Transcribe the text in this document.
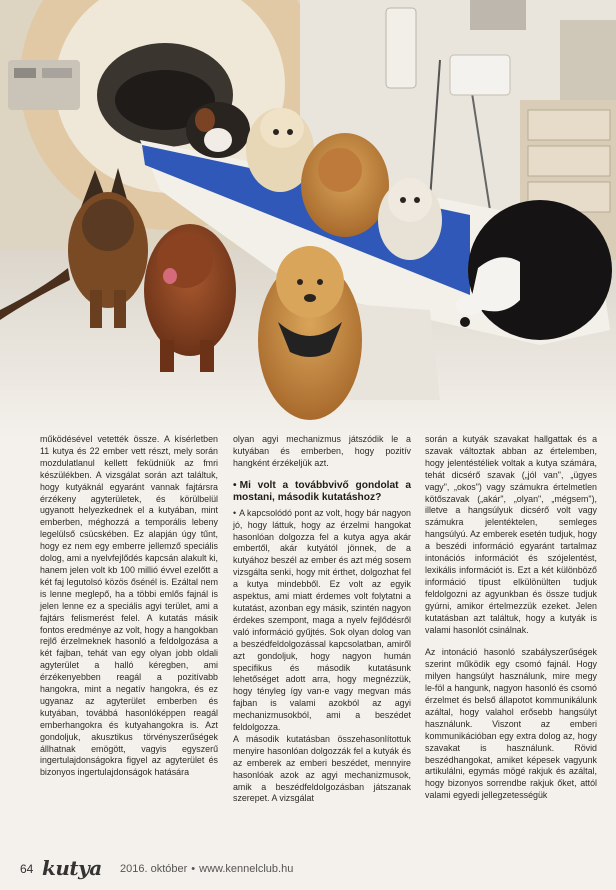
működésével vetették össze. A kísérletben 11 kutya és 22 ember vett részt, mely során mozdulatlanul kellett feküdniük az fmri készülékben. A vizsgálat során azt találtuk, hogy kutyáknál egyaránt vannak fajtársra érzékeny agyterületek, és körülbelül ugyanott helyezkednek el a kutyában, mint emberben, méghozzá a temporális lebeny legelülső csücskében. Ez alapján úgy tűnt, hogy ez nem egy emberre jellemző speciális dolog, ami a nyelvfejlődés kapcsán alakult ki, hanem jelen volt kb 100 millió évvel ezelőtt a két faj legutolsó közös ősénél is. Ezáltal nem is lenne meglepő, ha a többi emlős fajnál is jelen lenne ez a speciális agyi terület, ami a fajtárs felismerést felel. A kutatás másik fontos eredménye az volt, hogy a hangokban rejlő érzelmeknek hasonló a feldolgozása a két fajban, tehát van egy olyan jobb oldali agyterület a halló kéregben, ami érzékenyebben reagál a pozitívabb hangokra, mint a negatív hangokra, és ez ugyanaz az agyterület emberben és kutyában, továbbá hasonlóképpen reagál emberhangokra és kutyahangokra is. Azt gondoljuk, akusztikus törvényszerűségek állhatnak emögött, vagyis egyszerű ingertulajdonságokra figyel az agyterület és bizonyos ingertulajdonságok hatására

olyan agyi mechanizmus játszódik le a kutyában és emberben, hogy pozitív hangként érzékeljük azt.

• Mi volt a továbbvivő gondolat a mostani, második kutatáshoz?

• A kapcsolódó pont az volt, hogy bár nagyon jó, hogy láttuk, hogy az érzelmi hangokat hasonlóan dolgozza fel a kutya agya akár embertől, akár kutyától jönnek, de a kutyához beszél az ember és azt még sosem vizsgálta senki, hogy mit érthet, dolgozhat fel a kutya mindebből. Ez volt az egyik aspektus, ami miatt érdemes volt folytatni a kutatást, azonban egy másik, szintén nagyon érdekes szempont, maga a nyelv fejlődésről való információ gyűjtés. Sok olyan dolog van a beszédfeldolgozással kapcsolatban, amiről azt gondoljuk, hogy nagyon humán specifikus és második kutatásunk lehetőséget adott arra, hogy megnézzük, hogy tényleg így van-e vagy megvan más fajban is valami azokból az agyi mechanizmusokból, ami a beszédet feldolgozza.

A második kutatásban összehasonlítottuk menyire hasonlóan dolgozzák fel a kutyák és az emberek az emberi beszédet, mennyire hasonlóak azok az agyi mechanizmusok, amik a beszédfeldolgozásban játszanak szerepet. A vizsgálat

során a kutyák szavakat hallgattak és a szavak változtak abban az értelemben, hogy jelentéstéliek voltak a kutya számára, tehát dicsérő szavak („jól van", „ügyes vagy", „okos") vagy számukra értelmetlen kötőszavak („akár", „olyan", „mégsem"), illetve a hangsúlyuk dicsérő volt vagy számukra jelentéktelen, semleges hangsúlyú. Az emberek esetén tudjuk, hogy a beszédi információ egyaránt tartalmaz intonációs információt és szójelentést, lexikális információt is. Ezt a két különböző információ típust elkülönülten tudjuk feldolgozni az agyunkban és össze tudjuk gyúrni, amikor értelmezzük ezeket. Jelen kutatásban azt találtuk, hogy a kutyák is valami hasonlót csinálnak.

Az intonáció hasonló szabályszerűségek szerint működik egy csomó fajnál. Hogy milyen hangsúlyt használunk, mire megy le-föl a hangunk, nagyon hasonló és csomó érzelmet és belső állapotot kommunikálunk azáltal, hogy valahol erősebb hangsúlyt használunk. Viszont az emberi kommunikációban egy extra dolog az, hogy szavakat is használunk. Rövid beszédhangokat, amiket képesek vagyunk artikulálni, egymás mögé rakjuk és azáltal, hogy bizonyos sorrendbe rakjuk őket, attól valami egyedi jellegzetességük

64 kutya 2016. október • www.kennelclub.hu
